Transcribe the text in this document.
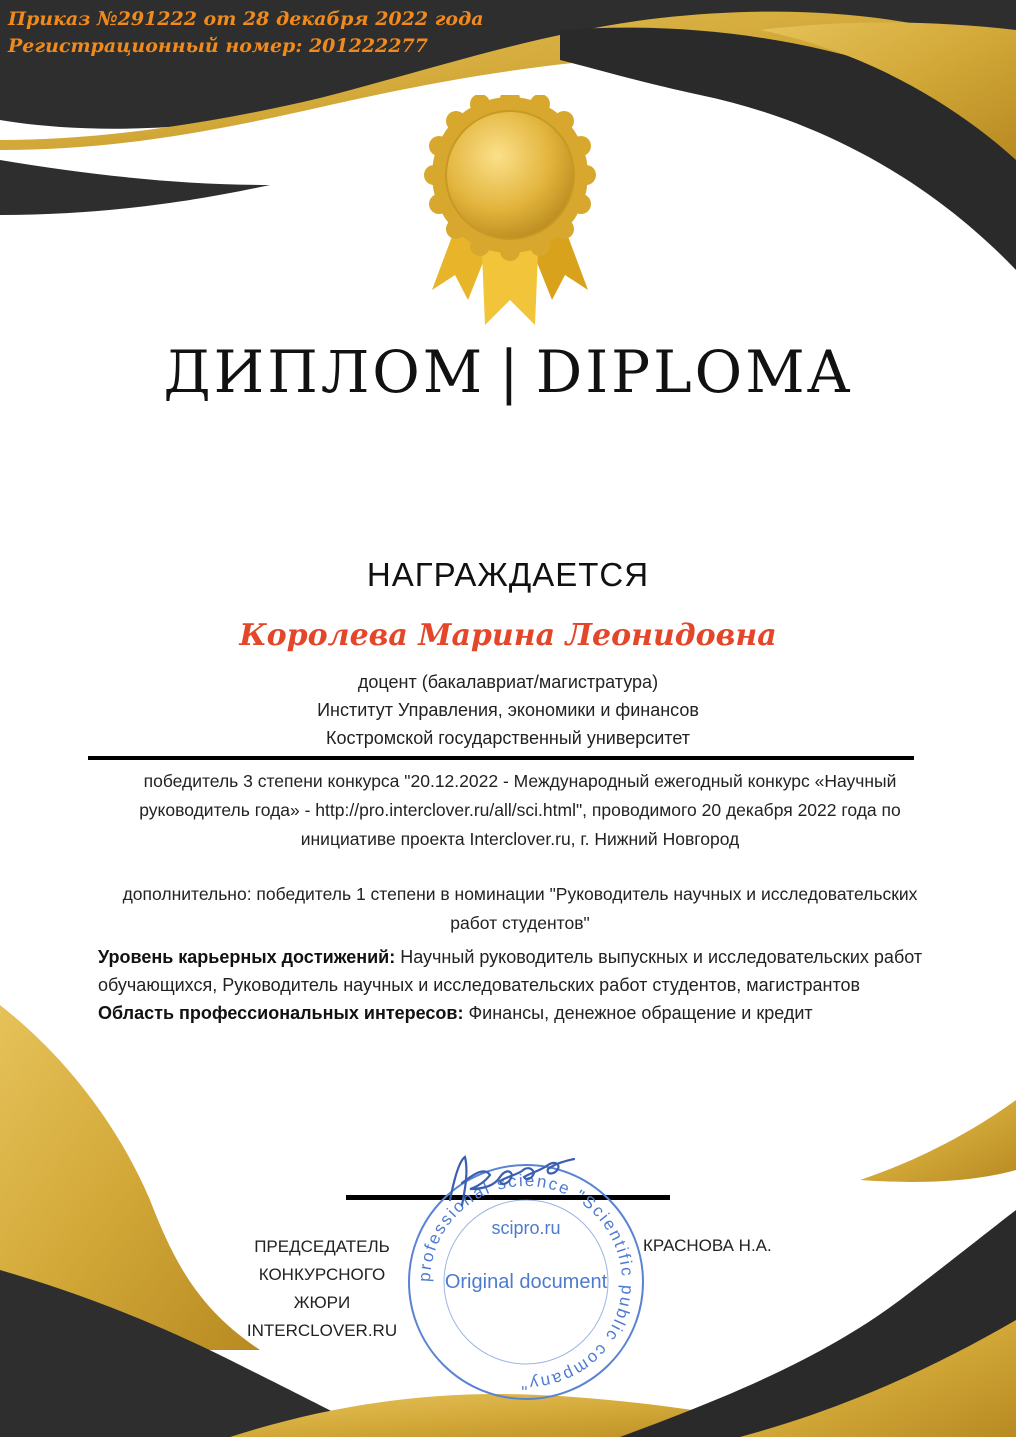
Приказ №291222 от 28 декабря 2022 года
Регистрационный номер: 201222277
ДИПЛОМ | DIPLOMA
НАГРАЖДАЕТСЯ
Королева Марина Леонидовна
доцент (бакалавриат/магистратура)
Институт Управления, экономики и финансов
Костромской государственный университет
победитель 3 степени конкурса "20.12.2022 - Международный ежегодный конкурс «Научный руководитель года» - http://pro.interclover.ru/all/sci.html", проводимого 20 декабря 2022 года по инициативе проекта Interclover.ru, г. Нижний Новгород
дополнительно: победитель 1 степени в номинации "Руководитель научных и исследовательских работ студентов"
Уровень карьерных достижений: Научный руководитель выпускных и исследовательских работ обучающихся, Руководитель научных и исследовательских работ студентов, магистрантов
Область профессиональных интересов: Финансы, денежное обращение и кредит
ПРЕДСЕДАТЕЛЬ
КОНКУРСНОГО
ЖЮРИ
INTERCLOVER.RU
КРАСНОВА Н.А.
professional science "Scientific public company"
scipro.ru
Original document
